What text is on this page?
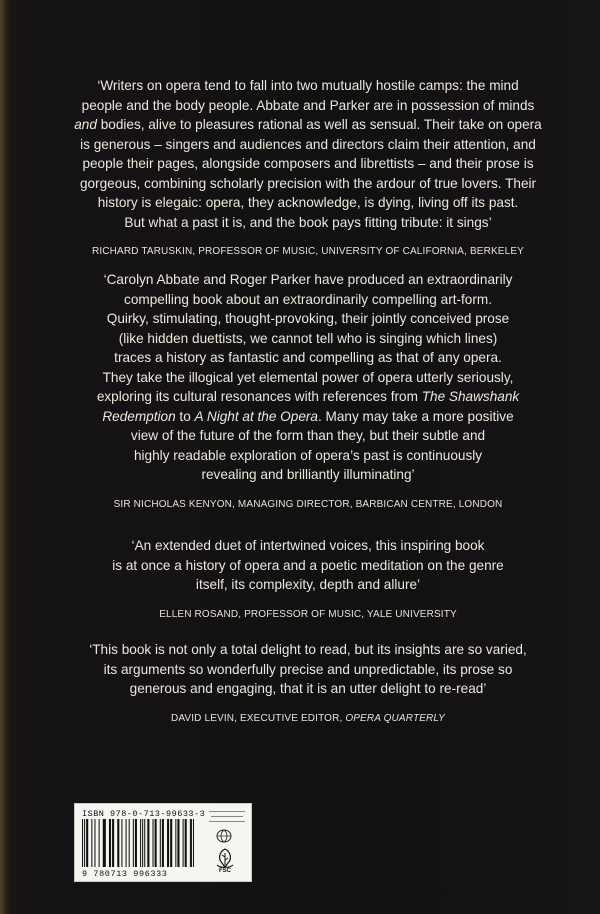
‘Writers on opera tend to fall into two mutually hostile camps: the mind
people and the body people. Abbate and Parker are in possession of minds
and bodies, alive to pleasures rational as well as sensual. Their take on opera
is generous – singers and audiences and directors claim their attention, and
people their pages, alongside composers and librettists – and their prose is
gorgeous, combining scholarly precision with the ardour of true lovers. Their
history is elegaic: opera, they acknowledge, is dying, living off its past.
But what a past it is, and the book pays fitting tribute: it sings’
RICHARD TARUSKIN, PROFESSOR OF MUSIC, UNIVERSITY OF CALIFORNIA, BERKELEY
‘Carolyn Abbate and Roger Parker have produced an extraordinarily
compelling book about an extraordinarily compelling art-form.
Quirky, stimulating, thought-provoking, their jointly conceived prose
(like hidden duettists, we cannot tell who is singing which lines)
traces a history as fantastic and compelling as that of any opera.
They take the illogical yet elemental power of opera utterly seriously,
exploring its cultural resonances with references from The Shawshank
Redemption to A Night at the Opera. Many may take a more positive
view of the future of the form than they, but their subtle and
highly readable exploration of opera’s past is continuously
revealing and brilliantly illuminating’
SIR NICHOLAS KENYON, MANAGING DIRECTOR, BARBICAN CENTRE, LONDON
‘An extended duet of intertwined voices, this inspiring book
is at once a history of opera and a poetic meditation on the genre
itself, its complexity, depth and allure’
ELLEN ROSAND, PROFESSOR OF MUSIC, YALE UNIVERSITY
‘This book is not only a total delight to read, but its insights are so varied,
its arguments so wonderfully precise and unpredictable, its prose so
generous and engaging, that it is an utter delight to re-read’
DAVID LEVIN, EXECUTIVE EDITOR, OPERA QUARTERLY
ISBN 978-0-713-99633-3
9 780713 996333	FSC
